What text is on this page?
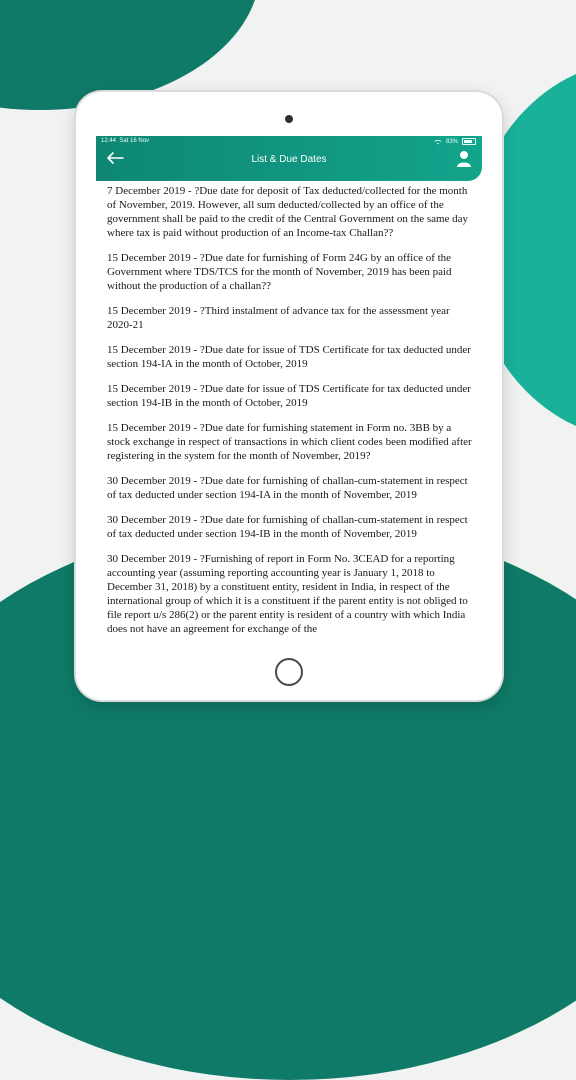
12:44 Sat 16 Nov	83%
List & Due Dates

7 December 2019 - ?Due date for deposit of Tax deducted/collected for the month of November, 2019. However, all sum deducted/collected by an office of the government shall be paid to the credit of the Central Government on the same day where tax is paid without production of an Income-tax Challan??

15 December 2019 - ?Due date for furnishing of Form 24G by an office of the Government where TDS/TCS for the month of November, 2019 has been paid without the production of a challan??

15 December 2019 - ?Third instalment of advance tax for the assessment year 2020-21

15 December 2019 - ?Due date for issue of TDS Certificate for tax deducted under section 194-IA in the month of October, 2019

15 December 2019 - ?Due date for issue of TDS Certificate for tax deducted under section 194-IB in the month of October, 2019

15 December 2019 - ?Due date for furnishing statement in Form no. 3BB by a stock exchange in respect of transactions in which client codes been modified after registering in the system for the month of November, 2019?

30 December 2019 - ?Due date for furnishing of challan-cum-statement in respect of tax deducted under section 194-IA in the month of November, 2019

30 December 2019 - ?Due date for furnishing of challan-cum-statement in respect of tax deducted under section 194-IB in the month of November, 2019

30 December 2019 - ?Furnishing of report in Form No. 3CEAD for a reporting accounting year (assuming reporting accounting year is January 1, 2018 to December 31, 2018) by a constituent entity, resident in India, in respect of the international group of which it is a constituent if the parent entity is not obliged to file report u/s 286(2) or the parent entity is resident of a country with which India does not have an agreement for exchange of the
